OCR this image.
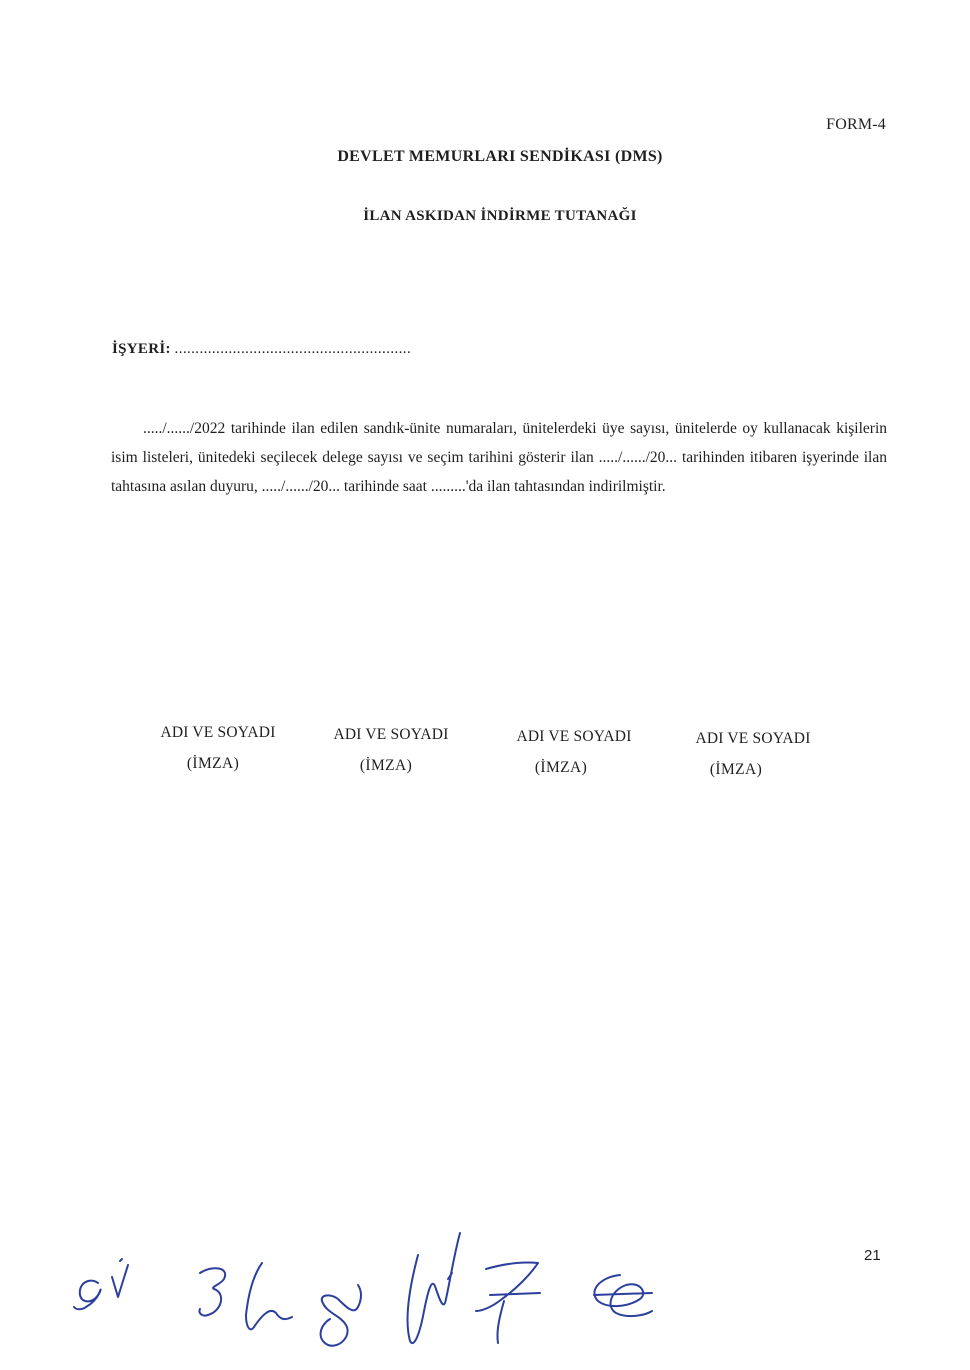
FORM-4
DEVLET MEMURLARI SENDİKASI (DMS)
İLAN ASKIDAN İNDİRME TUTANAĞI
İŞYERİ: .........................................................
...../....../2022 tarihinde ilan edilen sandık-ünite numaraları, ünitelerdeki üye sayısı, ünitelerde oy kullanacak kişilerin isim listeleri, ünitedeki seçilecek delege sayısı ve seçim tarihini gösterir ilan ...../....../20... tarihinden itibaren işyerinde ilan tahtasına asılan duyuru, ...../....../20... tarihinde saat .........'da ilan tahtasından indirilmiştir.
ADI VE SOYADI
(İMZA)
ADI VE SOYADI
(İMZA)
ADI VE SOYADI
(İMZA)
ADI VE SOYADI
(İMZA)
21
